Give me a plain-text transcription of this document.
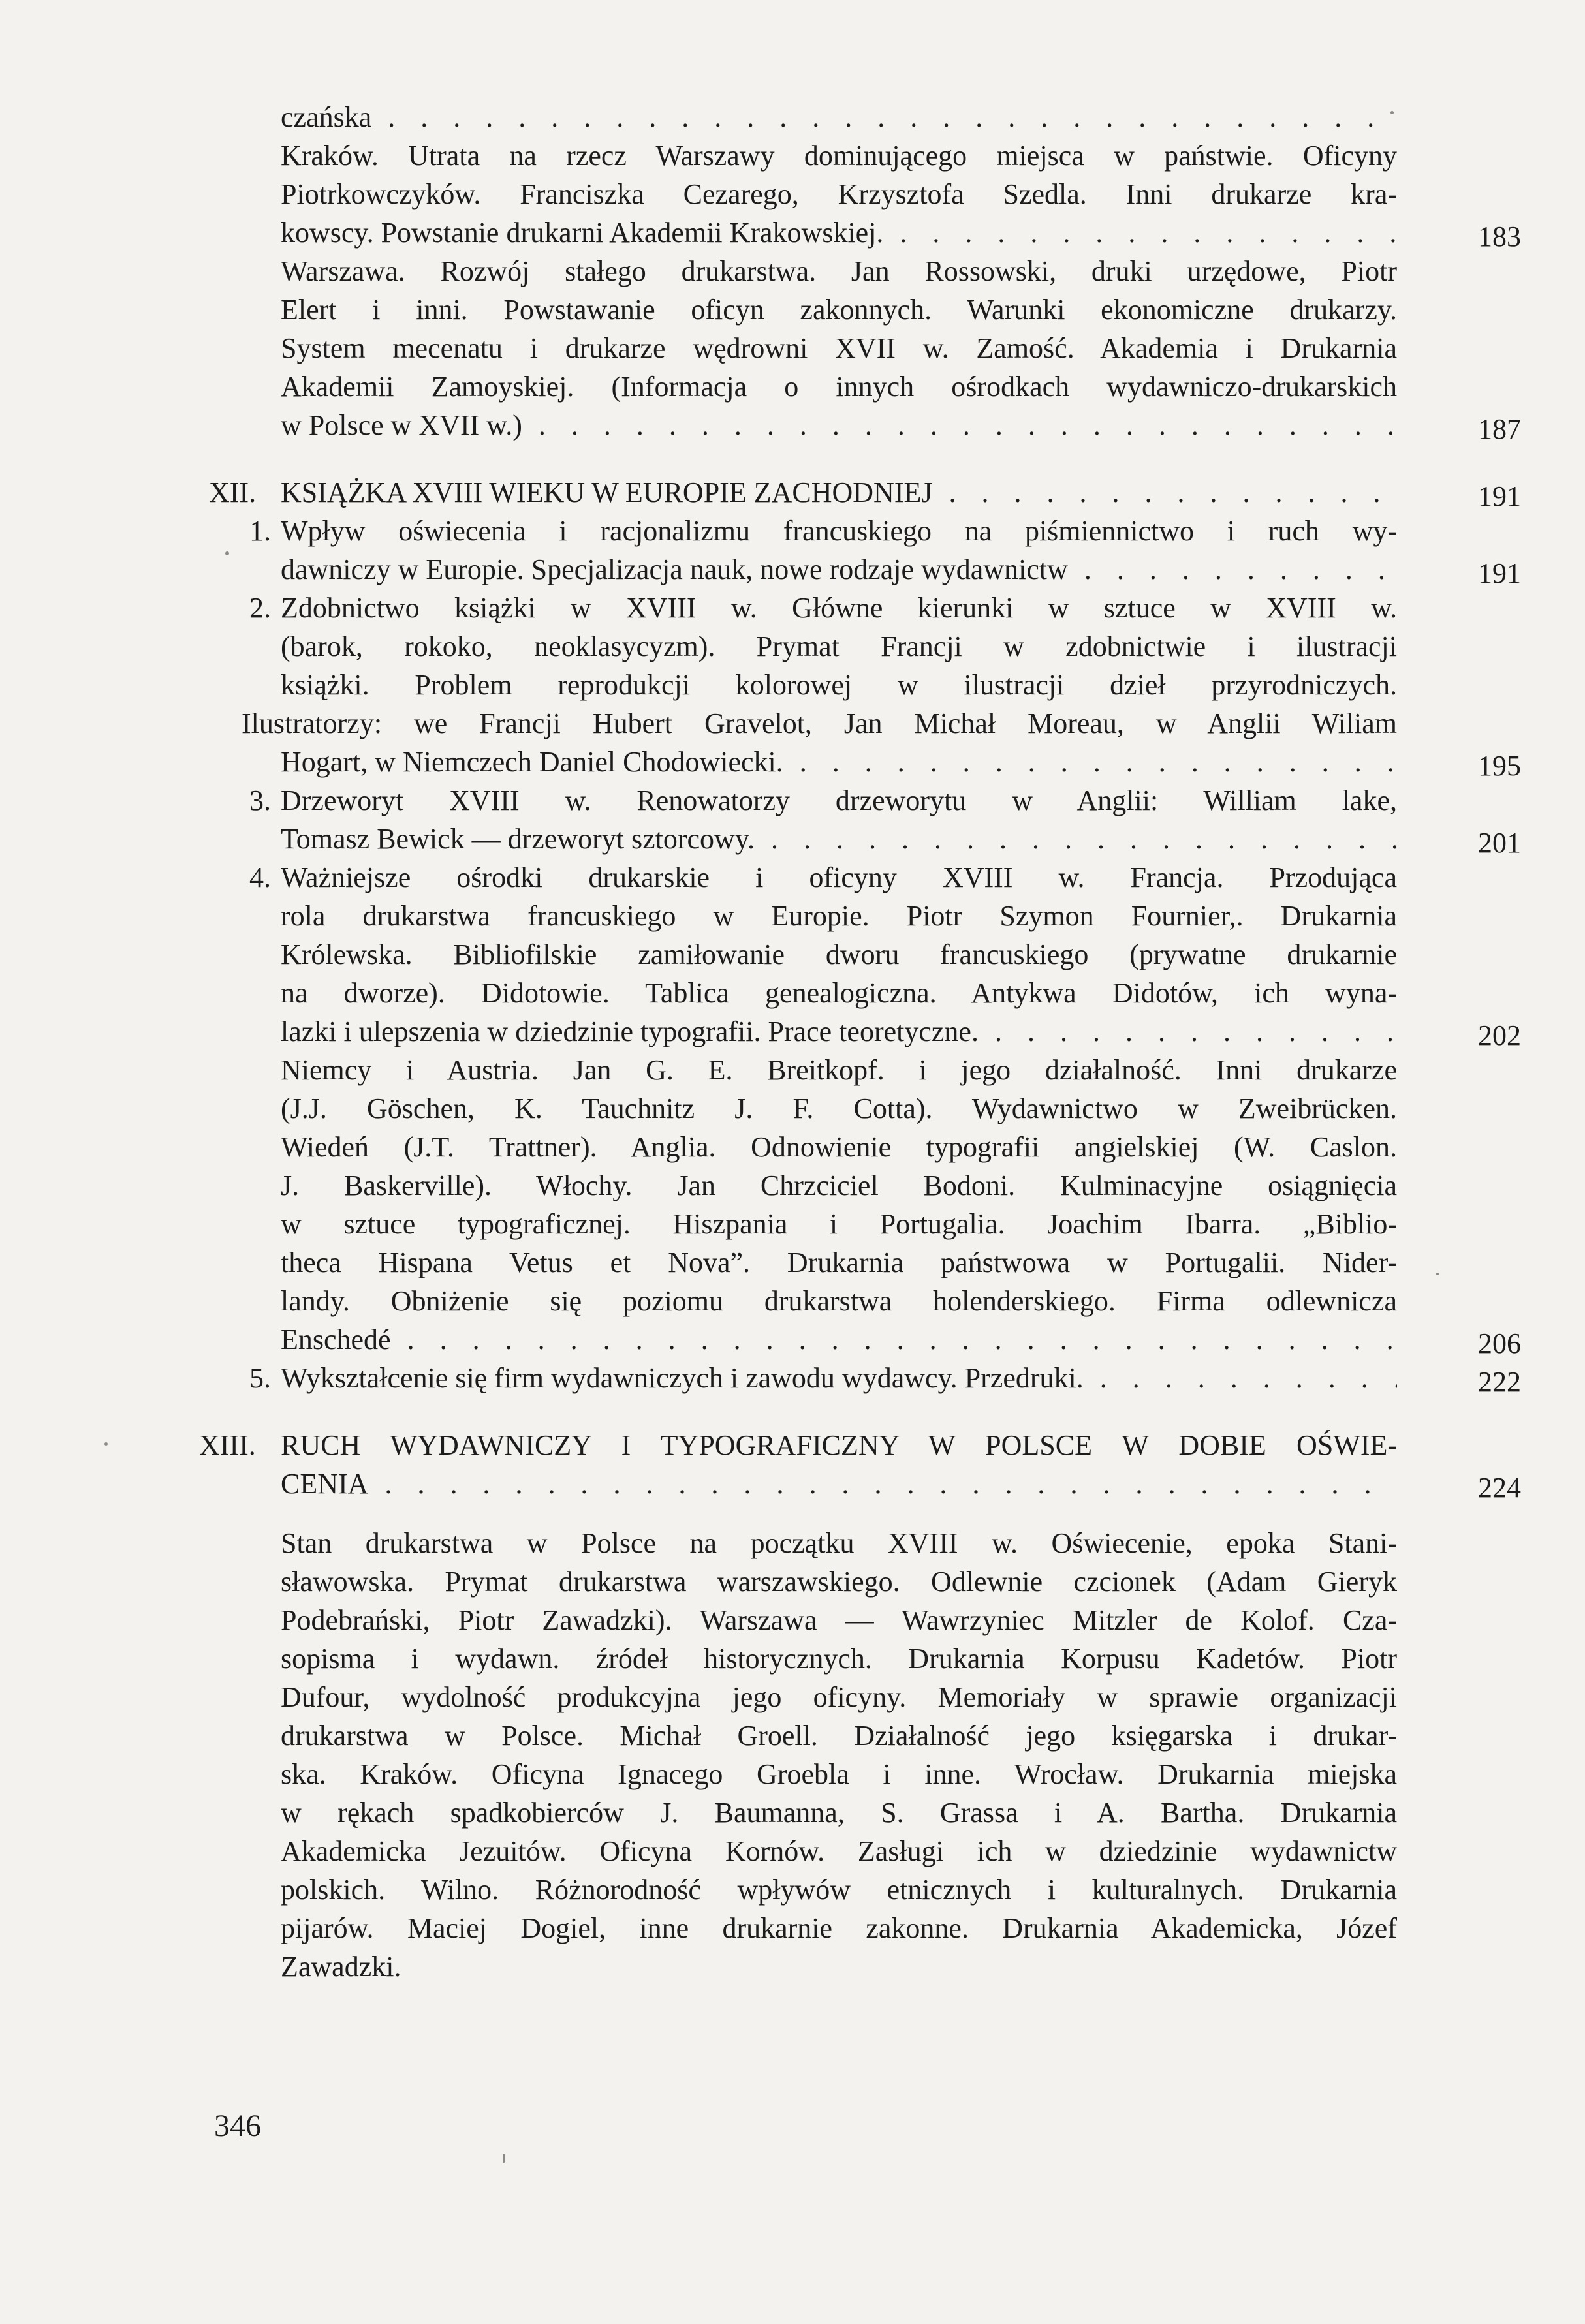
czańska . . .
Kraków. Utrata na rzecz Warszawy dominującego miejsca w państwie. Oficyny
Piotrkowczyków. Franciszka Cezarego, Krzysztofa Szedla. Inni drukarze kra-
kowscy. Powstanie drukarni Akademii Krakowskiej. . . .	183
Warszawa. Rozwój stałego drukarstwa. Jan Rossowski, druki urzędowe, Piotr
Elert i inni. Powstawanie oficyn zakonnych. Warunki ekonomiczne drukarzy.
System mecenatu i drukarze wędrowni XVII w. Zamość. Akademia i Drukarnia
Akademii Zamoyskiej. (Informacja o innych ośrodkach wydawniczo-drukarskich
w Polsce w XVII w.) . . .	187
XII. KSIĄŻKA XVIII WIEKU W EUROPIE ZACHODNIEJ . . .	191
1. Wpływ oświecenia i racjonalizmu francuskiego na piśmiennictwo i ruch wy-
dawniczy w Europie. Specjalizacja nauk, nowe rodzaje wydawnictw . . .	191
2. Zdobnictwo książki w XVIII w. Główne kierunki w sztuce w XVIII w.
(barok, rokoko, neoklasycyzm). Prymat Francji w zdobnictwie i ilustracji
książki. Problem reprodukcji kolorowej w ilustracji dzieł przyrodniczych.
Ilustratorzy: we Francji Hubert Gravelot, Jan Michał Moreau, w Anglii Wiliam
Hogart, w Niemczech Daniel Chodowiecki. . . .	195
3. Drzeworyt XVIII w. Renowatorzy drzeworytu w Anglii: William lake,
Tomasz Bewick — drzeworyt sztorcowy. . . .	201
4. Ważniejsze ośrodki drukarskie i oficyny XVIII w. Francja. Przodująca
rola drukarstwa francuskiego w Europie. Piotr Szymon Fournier,. Drukarnia
Królewska. Bibliofilskie zamiłowanie dworu francuskiego (prywatne drukarnie
na dworze). Didotowie. Tablica genealogiczna. Antykwa Didotów, ich wyna-
lazki i ulepszenia w dziedzinie typografii. Prace teoretyczne. . . .	202
Niemcy i Austria. Jan G. E. Breitkopf. i jego działalność. Inni drukarze
(J.J. Göschen, K. Tauchnitz J. F. Cotta). Wydawnictwo w Zweibrücken.
Wiedeń (J.T. Trattner). Anglia. Odnowienie typografii angielskiej (W. Caslon.
J. Baskerville). Włochy. Jan Chrzciciel Bodoni. Kulminacyjne osiągnięcia
w sztuce typograficznej. Hiszpania i Portugalia. Joachim Ibarra. „Biblio-
theca Hispana Vetus et Nova”. Drukarnia państwowa w Portugalii. Nider-
landy. Obniżenie się poziomu drukarstwa holenderskiego. Firma odlewnicza
Enschedé . . .	206
5. Wykształcenie się firm wydawniczych i zawodu wydawcy. Przedruki. . . .	222
XIII. RUCH WYDAWNICZY I TYPOGRAFICZNY W POLSCE W DOBIE OŚWIE-
CENIA . . .	224
Stan drukarstwa w Polsce na początku XVIII w. Oświecenie, epoka Stani-
sławowska. Prymat drukarstwa warszawskiego. Odlewnie czcionek (Adam Gieryk
Podebrański, Piotr Zawadzki). Warszawa — Wawrzyniec Mitzler de Kolof. Cza-
sopisma i wydawn. źródeł historycznych. Drukarnia Korpusu Kadetów. Piotr
Dufour, wydolność produkcyjna jego oficyny. Memoriały w sprawie organizacji
drukarstwa w Polsce. Michał Groell. Działalność jego księgarska i drukar-
ska. Kraków. Oficyna Ignacego Groebla i inne. Wrocław. Drukarnia miejska
w rękach spadkobierców J. Baumanna, S. Grassa i A. Bartha. Drukarnia
Akademicka Jezuitów. Oficyna Kornów. Zasługi ich w dziedzinie wydawnictw
polskich. Wilno. Różnorodność wpływów etnicznych i kulturalnych. Drukarnia
pijarów. Maciej Dogiel, inne drukarnie zakonne. Drukarnia Akademicka, Józef
Zawadzki.
346
